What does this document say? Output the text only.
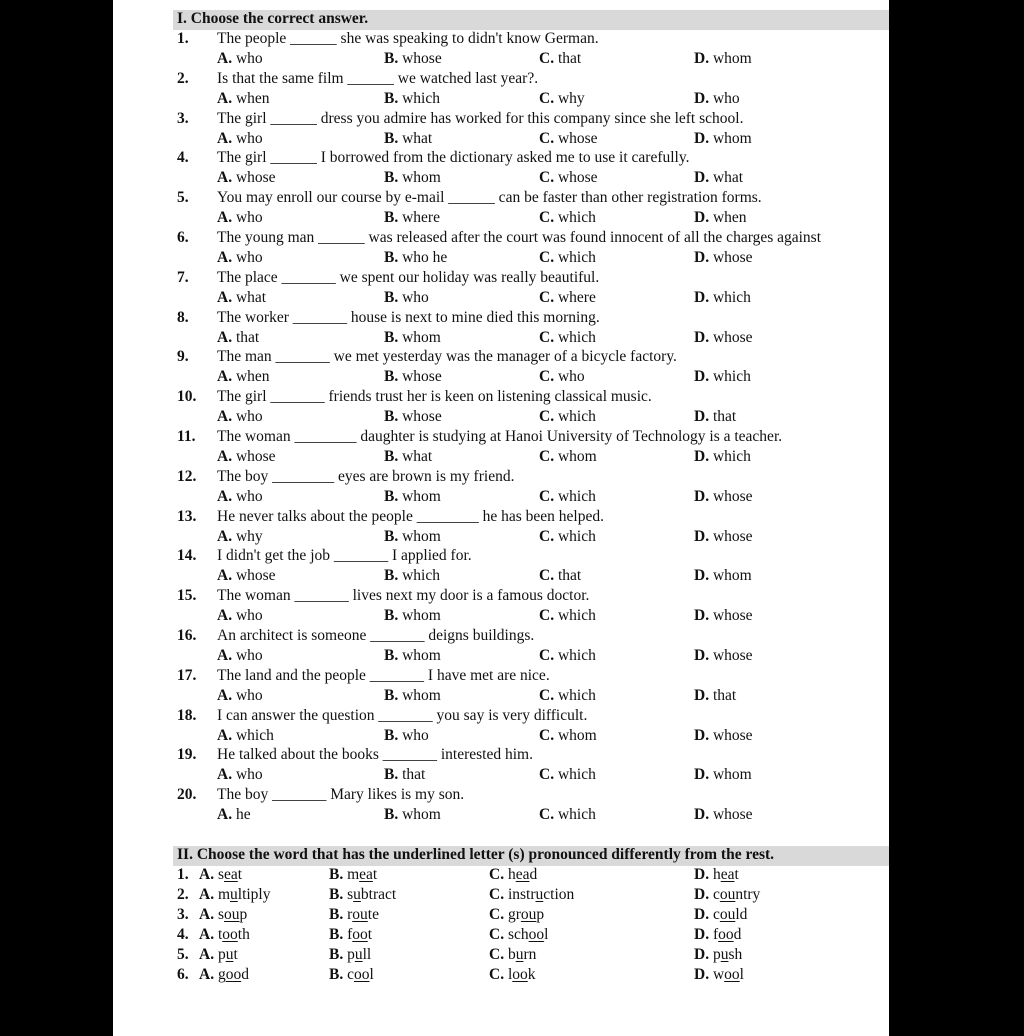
I. Choose the correct answer.
1. The people ______ she was speaking to didn't know German.
A. who	B. whose	C. that	D. whom
2. Is that the same film ______ we watched last year?.
A. when	B. which	C. why	D. who
3. The girl ______ dress you admire has worked for this company since she left school.
A. who	B. what	C. whose	D. whom
4. The girl ______ I borrowed from the dictionary asked me to use it carefully.
A. whose	B. whom	C. whose	D. what
5. You may enroll our course by e-mail ______ can be faster than other registration forms.
A. who	B. where	C. which	D. when
6. The young man ______ was released after the court was found innocent of all the charges against
A. who	B. who he	C. which	D. whose
7. The place _______ we spent our holiday was really beautiful.
A. what	B. who	C. where	D. which
8. The worker _______ house is next to mine died this morning.
A. that	B. whom	C. which	D. whose
9. The man _______ we met yesterday was the manager of a bicycle factory.
A. when	B. whose	C. who	D. which
10. The girl _______ friends trust her is keen on listening classical music.
A. who	B. whose	C. which	D. that
11. The woman ________ daughter is studying at Hanoi University of Technology is a teacher.
A. whose	B. what	C. whom	D. which
12. The boy ________ eyes are brown is my friend.
A. who	B. whom	C. which	D. whose
13. He never talks about the people ________ he has been helped.
A. why	B. whom	C. which	D. whose
14. I didn't get the job _______ I applied for.
A. whose	B. which	C. that	D. whom
15. The woman _______ lives next my door is a famous doctor.
A. who	B. whom	C. which	D. whose
16. An architect is someone _______ deigns buildings.
A. who	B. whom	C. which	D. whose
17. The land and the people _______ I have met are nice.
A. who	B. whom	C. which	D. that
18. I can answer the question _______ you say is very difficult.
A. which	B. who	C. whom	D. whose
19. He talked about the books _______ interested him.
A. who	B. that	C. which	D. whom
20. The boy _______ Mary likes is my son.
A. he	B. whom	C. which	D. whose
II. Choose the word that has the underlined letter (s) pronounced differently from the rest.
1. A. seat	B. meat	C. head	D. heat
2. A. multiply	B. subtract	C. instruction	D. country
3. A. soup	B. route	C. group	D. could
4. A. tooth	B. foot	C. school	D. food
5. A. put	B. pull	C. burn	D. push
6. A. good	B. cool	C. look	D. wool
